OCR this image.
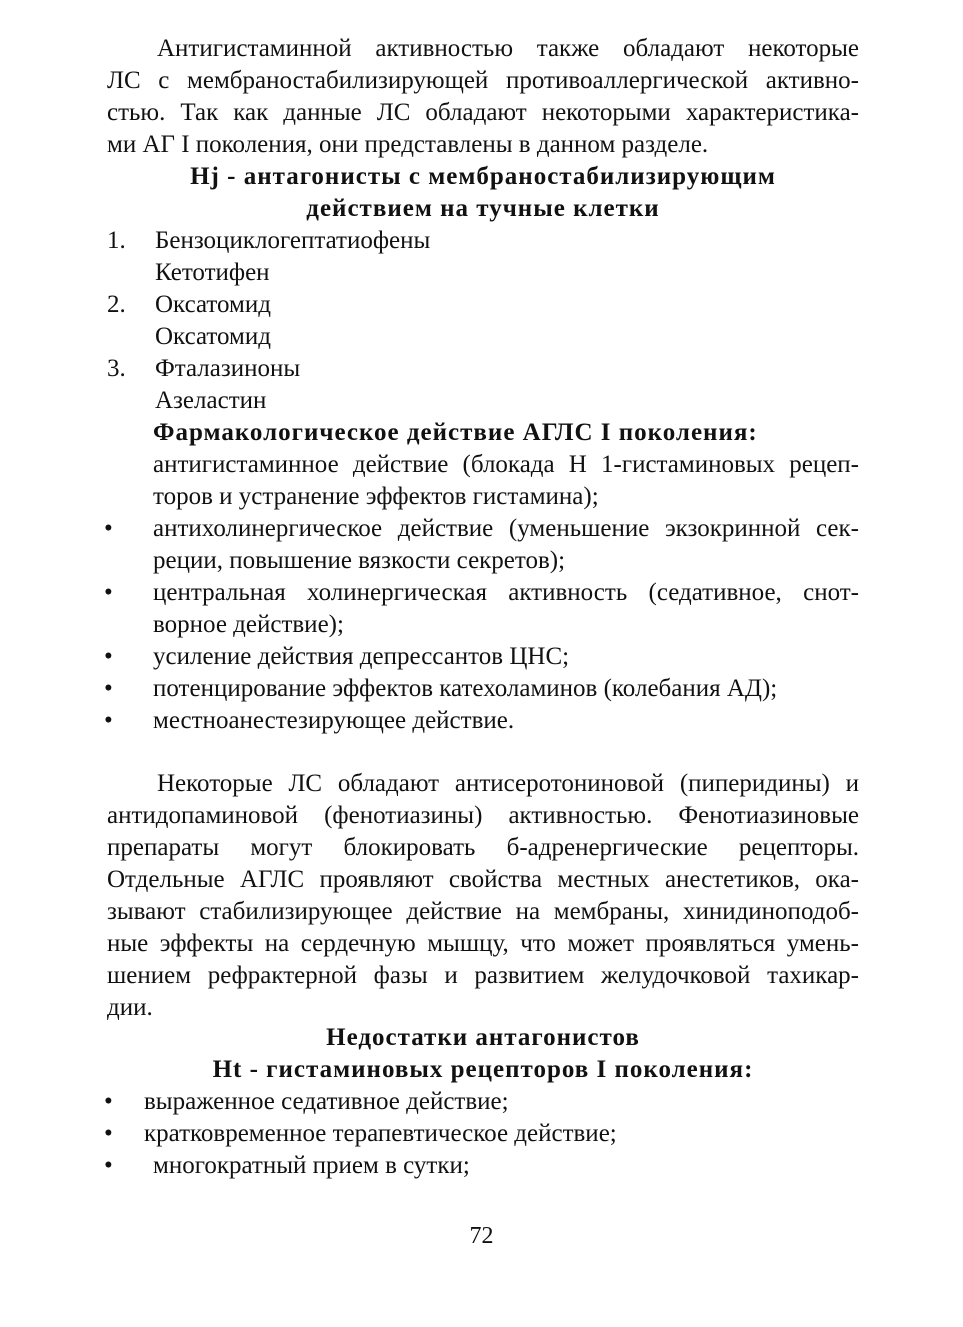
Антигистаминной активностью также обладают некоторые
ЛС с мембраностабилизирующей противоаллергической активно-
стью. Так как данные ЛС обладают некоторыми характеристика-
ми АГ I поколения, они представлены в данном разделе.
Hj - антагонисты с мембраностабилизирующим
действием на тучные клетки
1. Бензоциклогептатиофены
Кетотифен
2. Оксатомид
Оксатомид
3. Фталазиноны
Азеластин
Фармакологическое действие АГЛС I поколения:
антигистаминное действие (блокада Н 1-гистаминовых рецеп-
торов и устранение эффектов гистамина);
• антихолинергическое действие (уменьшение экзокринной сек-
реции, повышение вязкости секретов);
• центральная холинергическая активность (седативное, снот-
ворное действие);
• усиление действия депрессантов ЦНС;
• потенцирование эффектов катехоламинов (колебания АД);
• местноанестезирующее действие.
Некоторые ЛС обладают антисеротониновой (пиперидины) и
антидопаминовой (фенотиазины) активностью. Фенотиазиновые
препараты могут блокировать б-адренергические рецепторы.
Отдельные АГЛС проявляют свойства местных анестетиков, ока-
зывают стабилизирующее действие на мембраны, хинидиноподоб-
ные эффекты на сердечную мышцу, что может проявляться умень-
шением рефрактерной фазы и развитием желудочковой тахикар-
дии.
Недостатки антагонистов
Ht - гистаминовых рецепторов I поколения:
• выраженное седативное действие;
• кратковременное терапевтическое действие;
• многократный прием в сутки;
72
